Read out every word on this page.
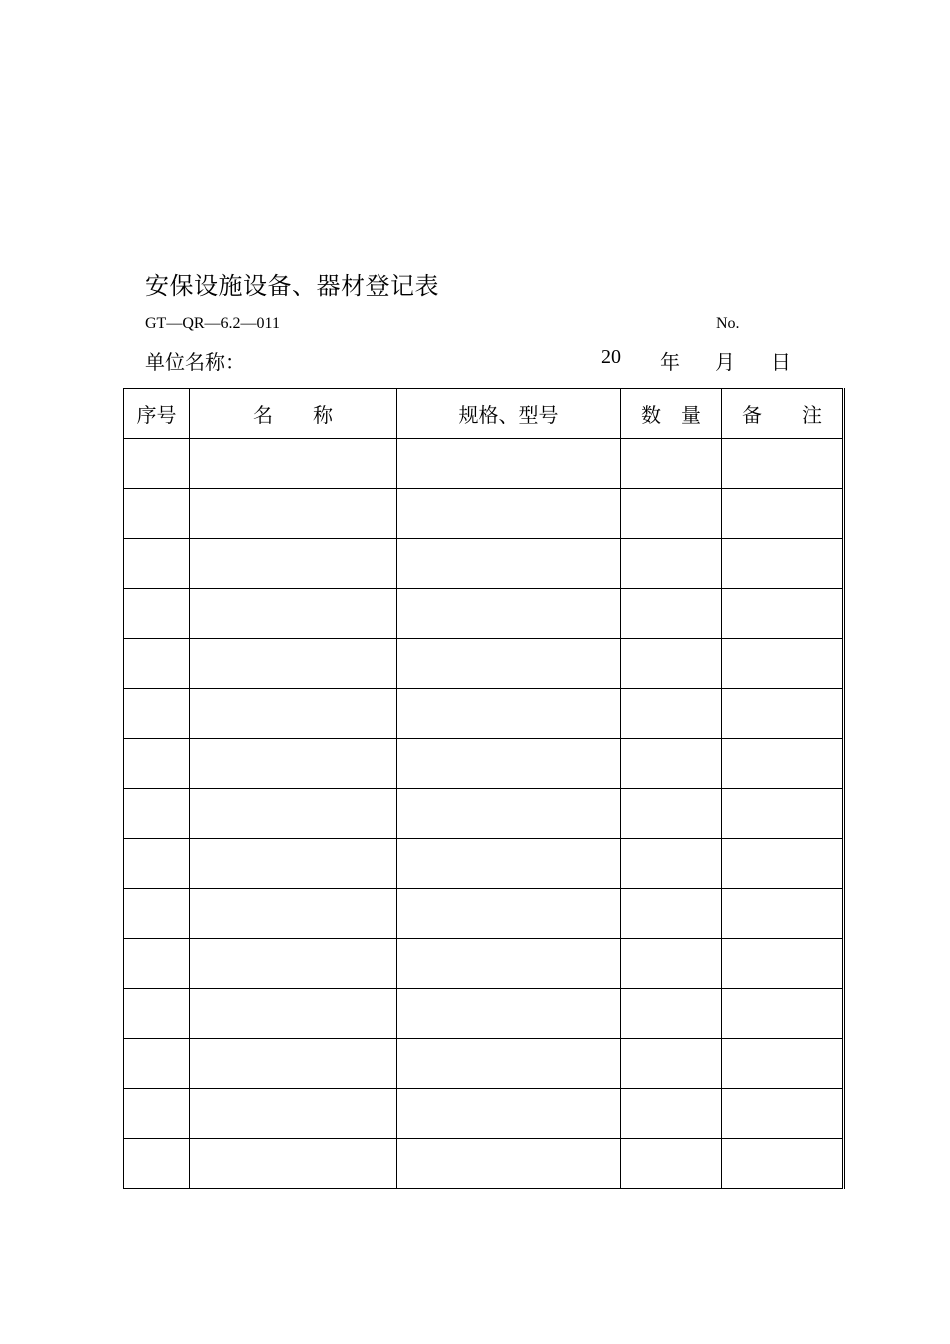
安保设施设备、器材登记表
GT—QR—6.2—011	No.
单位名称：	20 年 月 日
序号	名　　称	规格、型号	数　量	备　　注
